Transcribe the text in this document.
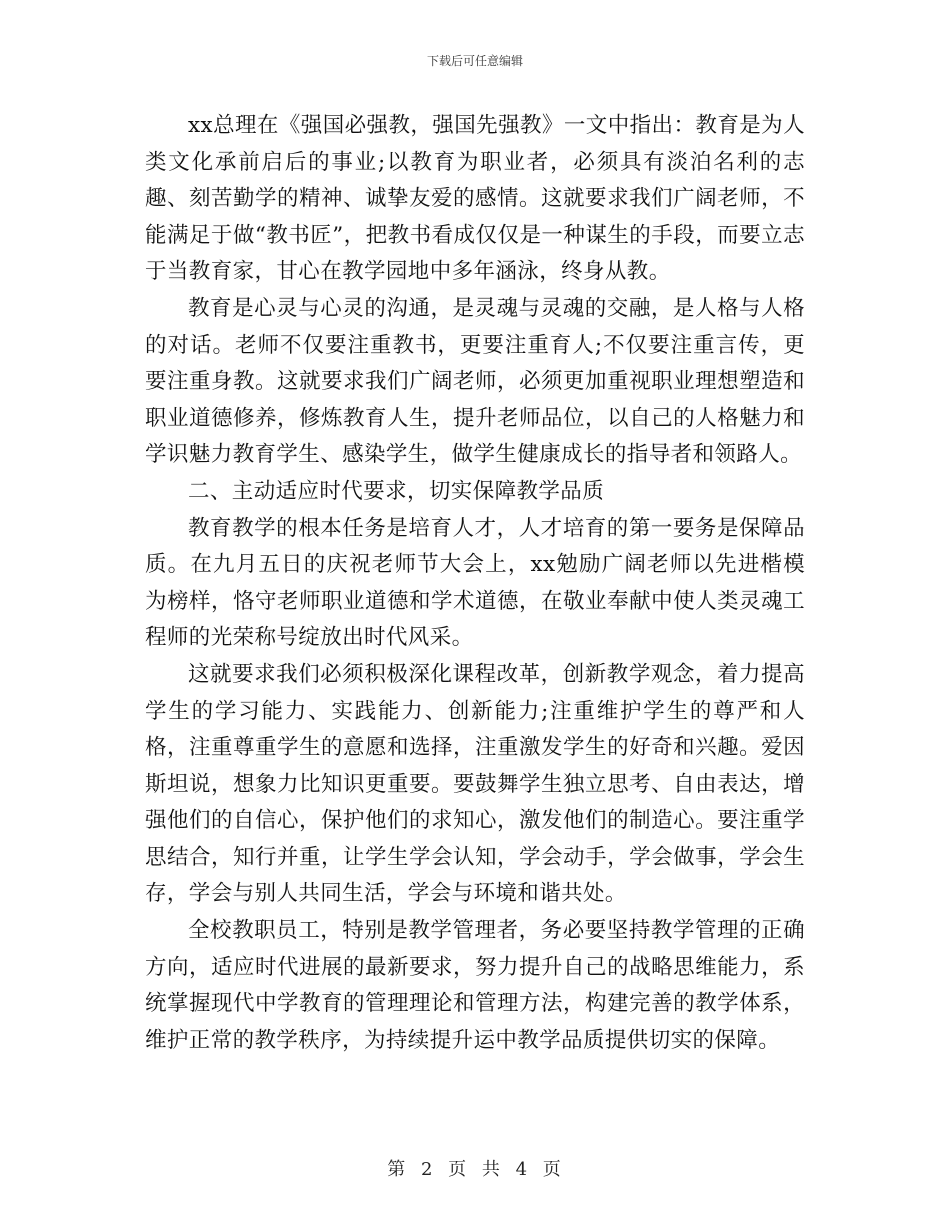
下载后可任意编辑

xx总理在《强国必强教，强国先强教》一文中指出：教育是为人类文化承前启后的事业;以教育为职业者，必须具有淡泊名利的志趣、刻苦勤学的精神、诚挚友爱的感情。这就要求我们广阔老师，不能满足于做“教书匠”，把教书看成仅仅是一种谋生的手段，而要立志于当教育家，甘心在教学园地中多年涵泳，终身从教。

教育是心灵与心灵的沟通，是灵魂与灵魂的交融，是人格与人格的对话。老师不仅要注重教书，更要注重育人;不仅要注重言传，更要注重身教。这就要求我们广阔老师，必须更加重视职业理想塑造和职业道德修养，修炼教育人生，提升老师品位，以自己的人格魅力和学识魅力教育学生、感染学生，做学生健康成长的指导者和领路人。

二、主动适应时代要求，切实保障教学品质

教育教学的根本任务是培育人才，人才培育的第一要务是保障品质。在九月五日的庆祝老师节大会上，xx勉励广阔老师以先进楷模为榜样，恪守老师职业道德和学术道德，在敬业奉献中使人类灵魂工程师的光荣称号绽放出时代风采。

这就要求我们必须积极深化课程改革，创新教学观念，着力提高学生的学习能力、实践能力、创新能力;注重维护学生的尊严和人格，注重尊重学生的意愿和选择，注重激发学生的好奇和兴趣。爱因斯坦说，想象力比知识更重要。要鼓舞学生独立思考、自由表达，增强他们的自信心，保护他们的求知心，激发他们的制造心。要注重学思结合，知行并重，让学生学会认知，学会动手，学会做事，学会生存，学会与别人共同生活，学会与环境和谐共处。

全校教职员工，特别是教学管理者，务必要坚持教学管理的正确方向，适应时代进展的最新要求，努力提升自己的战略思维能力，系统掌握现代中学教育的管理理论和管理方法，构建完善的教学体系，维护正常的教学秩序，为持续提升运中教学品质提供切实的保障。

第 2 页 共 4 页
